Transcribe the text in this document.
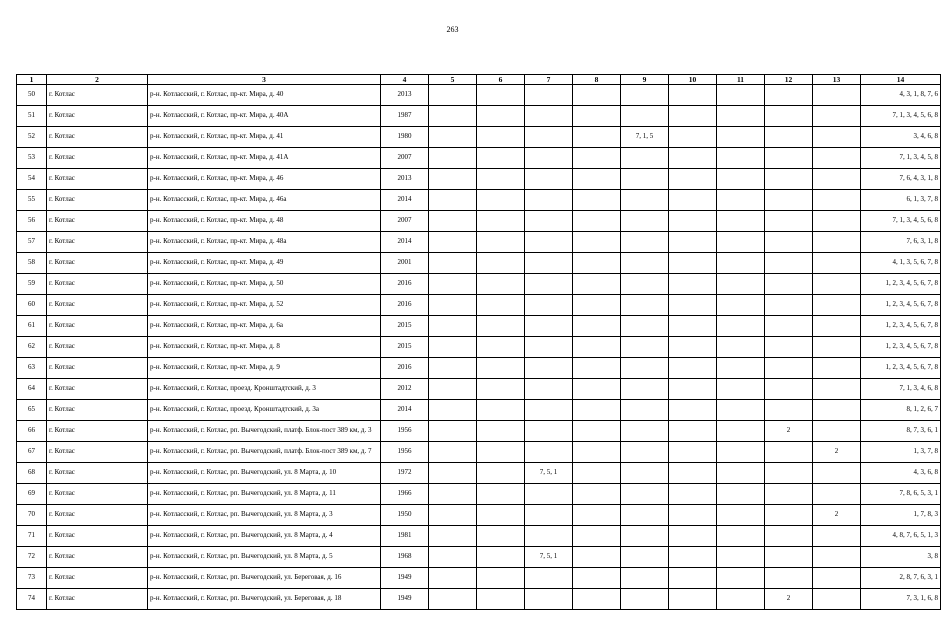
263
1	2	3	4	5	6	7	8	9	10	11	12	13	14
50	г. Котлас	р-н. Котласский, г. Котлас, пр-кт. Мира, д. 40	2013										4, 3, 1, 8, 7, 6
51	г. Котлас	р-н. Котласский, г. Котлас, пр-кт. Мира, д. 40А	1987										7, 1, 3, 4, 5, 6, 8
52	г. Котлас	р-н. Котласский, г. Котлас, пр-кт. Мира, д. 41	1980					7, 1, 5					3, 4, 6, 8
53	г. Котлас	р-н. Котласский, г. Котлас, пр-кт. Мира, д. 41А	2007										7, 1, 3, 4, 5, 8
54	г. Котлас	р-н. Котласский, г. Котлас, пр-кт. Мира, д. 46	2013										7, 6, 4, 3, 1, 8
55	г. Котлас	р-н. Котласский, г. Котлас, пр-кт. Мира, д. 46а	2014										6, 1, 3, 7, 8
56	г. Котлас	р-н. Котласский, г. Котлас, пр-кт. Мира, д. 48	2007										7, 1, 3, 4, 5, 6, 8
57	г. Котлас	р-н. Котласский, г. Котлас, пр-кт. Мира, д. 48а	2014										7, 6, 3, 1, 8
58	г. Котлас	р-н. Котласский, г. Котлас, пр-кт. Мира, д. 49	2001										4, 1, 3, 5, 6, 7, 8
59	г. Котлас	р-н. Котласский, г. Котлас, пр-кт. Мира, д. 50	2016										1, 2, 3, 4, 5, 6, 7, 8
60	г. Котлас	р-н. Котласский, г. Котлас, пр-кт. Мира, д. 52	2016										1, 2, 3, 4, 5, 6, 7, 8
61	г. Котлас	р-н. Котласский, г. Котлас, пр-кт. Мира, д. 6а	2015										1, 2, 3, 4, 5, 6, 7, 8
62	г. Котлас	р-н. Котласский, г. Котлас, пр-кт. Мира, д. 8	2015										1, 2, 3, 4, 5, 6, 7, 8
63	г. Котлас	р-н. Котласский, г. Котлас, пр-кт. Мира, д. 9	2016										1, 2, 3, 4, 5, 6, 7, 8
64	г. Котлас	р-н. Котласский, г. Котлас, проезд. Кронштадтский, д. 3	2012										7, 1, 3, 4, 6, 8
65	г. Котлас	р-н. Котласский, г. Котлас, проезд. Кронштадтский, д. 3а	2014										8, 1, 2, 6, 7
66	г. Котлас	р-н. Котласский, г. Котлас, рп. Вычегодский, платф. Блок-пост 389 км, д. 3	1956								2		8, 7, 3, 6, 1
67	г. Котлас	р-н. Котласский, г. Котлас, рп. Вычегодский, платф. Блок-пост 389 км, д. 7	1956									2	1, 3, 7, 8
68	г. Котлас	р-н. Котласский, г. Котлас, рп. Вычегодский, ул. 8 Марта, д. 10	1972			7, 5, 1							4, 3, 6, 8
69	г. Котлас	р-н. Котласский, г. Котлас, рп. Вычегодский, ул. 8 Марта, д. 11	1966										7, 8, 6, 5, 3, 1
70	г. Котлас	р-н. Котласский, г. Котлас, рп. Вычегодский, ул. 8 Марта, д. 3	1950									2	1, 7, 8, 3
71	г. Котлас	р-н. Котласский, г. Котлас, рп. Вычегодский, ул. 8 Марта, д. 4	1981										4, 8, 7, 6, 5, 1, 3
72	г. Котлас	р-н. Котласский, г. Котлас, рп. Вычегодский, ул. 8 Марта, д. 5	1968			7, 5, 1							3, 8
73	г. Котлас	р-н. Котласский, г. Котлас, рп. Вычегодский, ул. Береговая, д. 16	1949										2, 8, 7, 6, 3, 1
74	г. Котлас	р-н. Котласский, г. Котлас, рп. Вычегодский, ул. Береговая, д. 18	1949								2		7, 3, 1, 6, 8
